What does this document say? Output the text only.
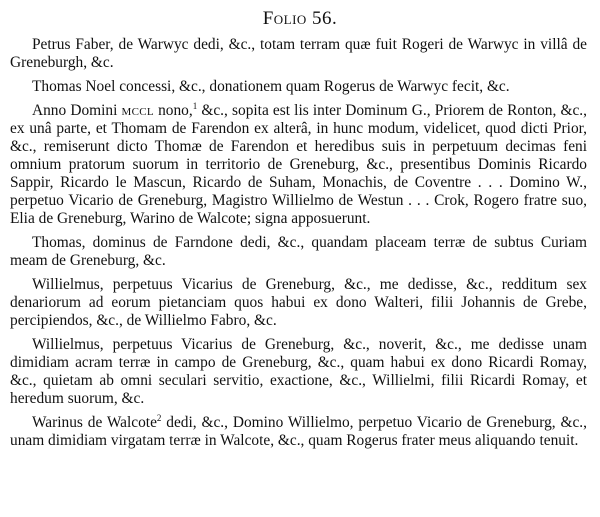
Folio 56.

Petrus Faber, de Warwyc dedi, &c., totam terram quæ fuit Rogeri de Warwyc in villâ de Greneburgh, &c.

Thomas Noel concessi, &c., donationem quam Rogerus de Warwyc fecit, &c.

Anno Domini mccl nono,$^1$ &c., sopita est lis inter Dominum G., Priorem de Ronton, &c., ex unâ parte, et Thomam de Farendon ex alterâ, in hunc modum, videlicet, quod dicti Prior, &c., remiserunt dicto Thomæ de Farendon et heredibus suis in perpetuum decimas feni omnium pratorum suorum in territorio de Greneburg, &c., presentibus Dominis Ricardo Sappir, Ricardo le Mascun, Ricardo de Suham, Monachis, de Coventre . . . Domino W., perpetuo Vicario de Greneburg, Magistro Willielmo de Westun . . . Crok, Rogero fratre suo, Elia de Greneburg, Warino de Walcote; signa apposuerunt.

Thomas, dominus de Farndone dedi, &c., quandam placeam terræ de subtus Curiam meam de Greneburg, &c.

Willielmus, perpetuus Vicarius de Greneburg, &c., me dedisse, &c., redditum sex denariorum ad eorum pietanciam quos habui ex dono Walteri, filii Johannis de Grebe, percipiendos, &c., de Willielmo Fabro, &c.

Willielmus, perpetuus Vicarius de Greneburg, &c., noverit, &c., me dedisse unam dimidiam acram terræ in campo de Greneburg, &c., quam habui ex dono Ricardi Romay, &c., quietam ab omni seculari servitio, exactione, &c., Willielmi, filii Ricardi Romay, et heredum suorum, &c.

Warinus de Walcote$^2$ dedi, &c., Domino Willielmo, perpetuo Vicario de Greneburg, &c., unam dimidiam virgatam terræ in Walcote, &c., quam Rogerus frater meus aliquando tenuit.
